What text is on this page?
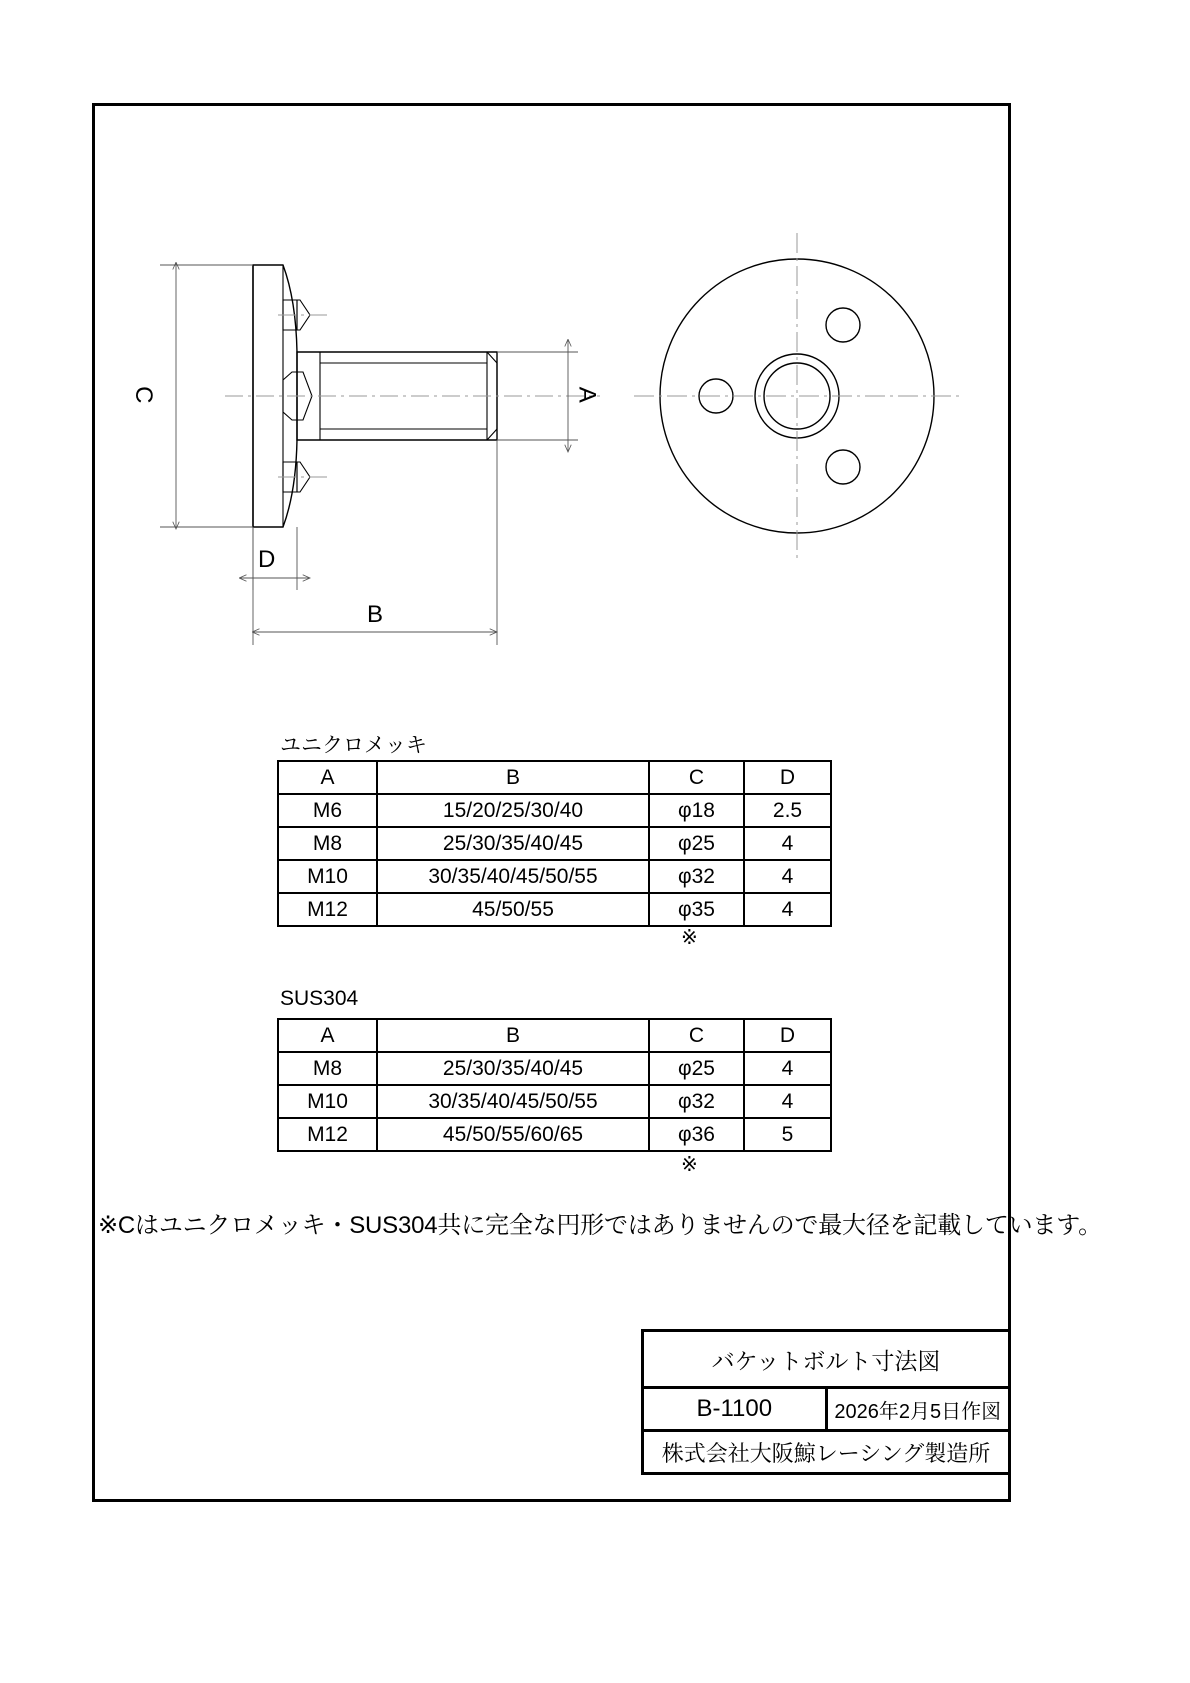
C	A
D
B
ユニクロメッキ
A	B	C	D
M6	15/20/25/30/40	φ18	2.5
M8	25/30/35/40/45	φ25	4
M10	30/35/40/45/50/55	φ32	4
M12	45/50/55	φ35	4
※
SUS304
A	B	C	D
M8	25/30/35/40/45	φ25	4
M10	30/35/40/45/50/55	φ32	4
M12	45/50/55/60/65	φ36	5
※
※Cはユニクロメッキ・SUS304共に完全な円形ではありませんので最大径を記載しています。
バケットボルト寸法図
B-1100	2026年2月5日作図
株式会社大阪鯨レーシング製造所
